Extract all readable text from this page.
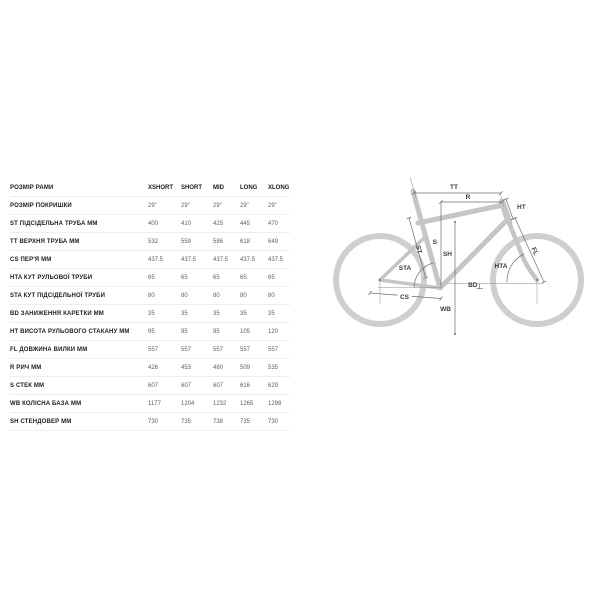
РОЗМІР РАМИ	XSHORT	SHORT	MID	LONG	XLONG
РОЗМІР ПОКРИШКИ	29"	29"	29"	29"	29"
ST ПІДСІДЕЛЬНА ТРУБА ММ	400	410	425	445	470
TT ВЕРХНЯ ТРУБА ММ	532	559	586	618	649
CS ПЕР'Я ММ	437.5	437.5	437.5	437.5	437.5
HTA КУТ РУЛЬОВОЇ ТРУБИ	65	65	65	65	65
STA КУТ ПІДСІДЕЛЬНОЇ ТРУБИ	80	80	80	80	80
BD ЗАНИЖЕННЯ КАРЕТКИ ММ	35	35	35	35	35
HT ВИСОТА РУЛЬОВОГО СТАКАНУ ММ	95	95	95	105	120
FL ДОВЖИНА ВИЛКИ ММ	557	557	557	557	557
R РИЧ ММ	426	453	480	509	535
S СТЕК ММ	607	607	607	616	629
WB КОЛІСНА БАЗА ММ	1177	1204	1232	1265	1298
SH СТЕНДОВЕР ММ	730	735	738	735	730
TT
R
S
SH
WB
ST
STA	HTA
BD
CS
HT
FL
